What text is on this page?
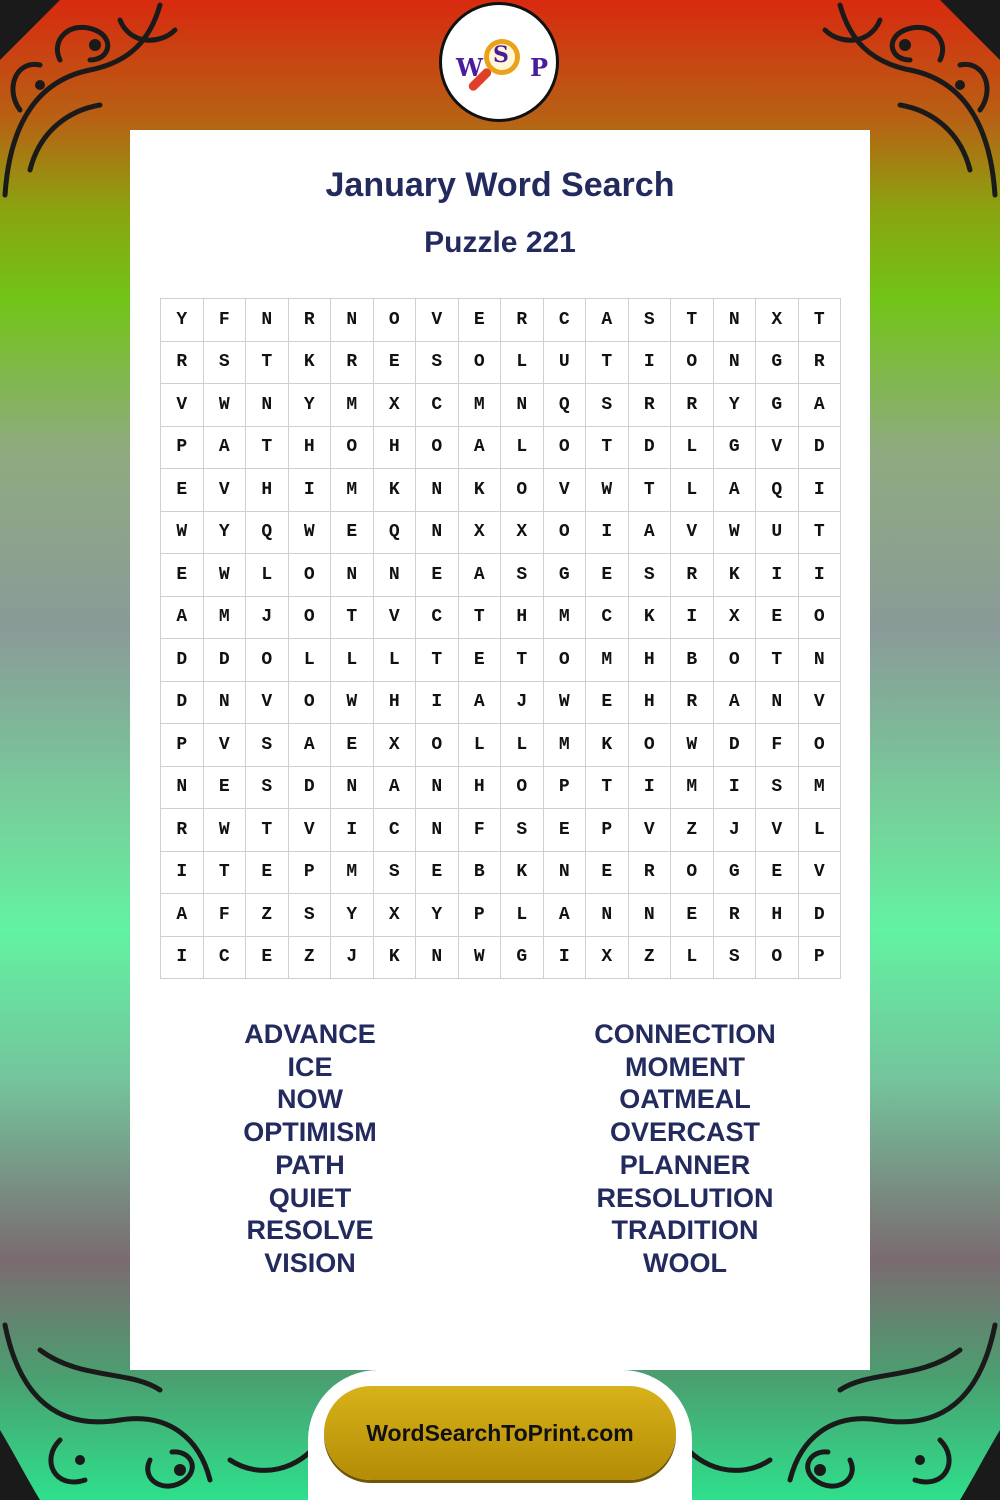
W S P
January Word Search
Puzzle 221
Y	F	N	R	N	O	V	E	R	C	A	S	T	N	X	T
R	S	T	K	R	E	S	O	L	U	T	I	O	N	G	R
V	W	N	Y	M	X	C	M	N	Q	S	R	R	Y	G	A
P	A	T	H	O	H	O	A	L	O	T	D	L	G	V	D
E	V	H	I	M	K	N	K	O	V	W	T	L	A	Q	I
W	Y	Q	W	E	Q	N	X	X	O	I	A	V	W	U	T
E	W	L	O	N	N	E	A	S	G	E	S	R	K	I	I
A	M	J	O	T	V	C	T	H	M	C	K	I	X	E	O
D	D	O	L	L	L	T	E	T	O	M	H	B	O	T	N
D	N	V	O	W	H	I	A	J	W	E	H	R	A	N	V
P	V	S	A	E	X	O	L	L	M	K	O	W	D	F	O
N	E	S	D	N	A	N	H	O	P	T	I	M	I	S	M
R	W	T	V	I	C	N	F	S	E	P	V	Z	J	V	L
I	T	E	P	M	S	E	B	K	N	E	R	O	G	E	V
A	F	Z	S	Y	X	Y	P	L	A	N	N	E	R	H	D
I	C	E	Z	J	K	N	W	G	I	X	Z	L	S	O	P
ADVANCE
ICE
NOW
OPTIMISM
PATH
QUIET
RESOLVE
VISION
CONNECTION
MOMENT
OATMEAL
OVERCAST
PLANNER
RESOLUTION
TRADITION
WOOL
WordSearchToPrint.com
